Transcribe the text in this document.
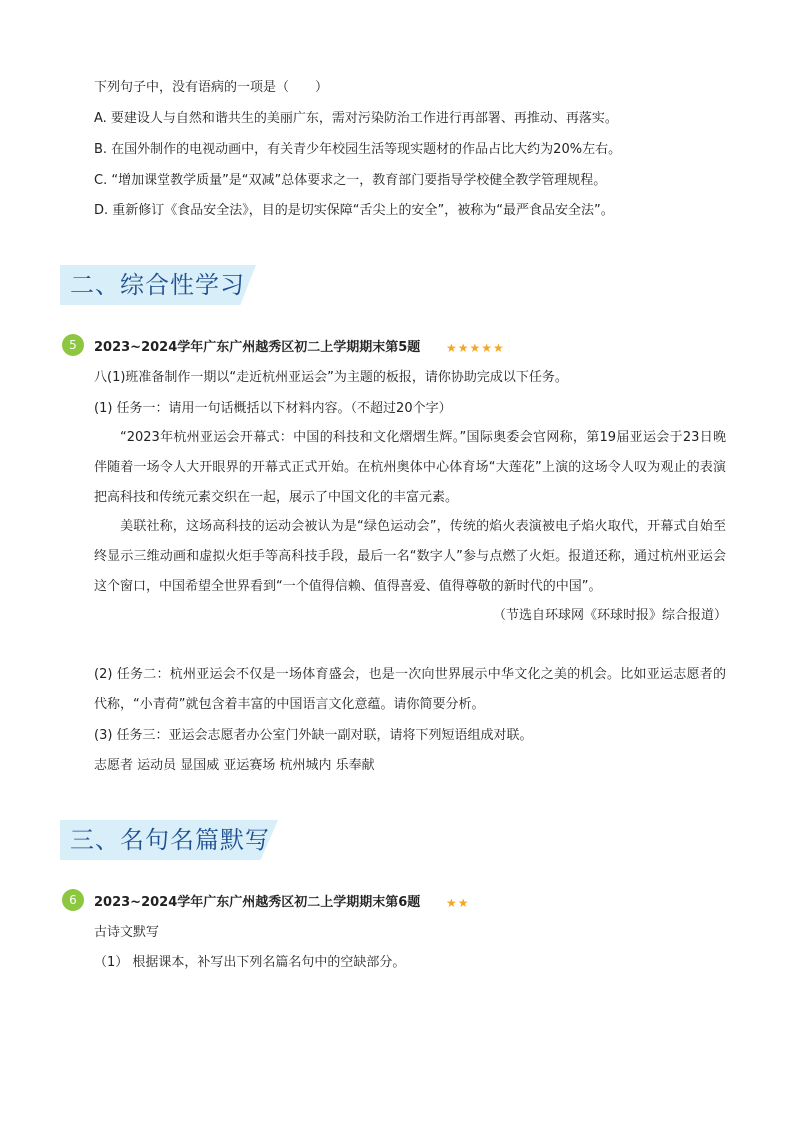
下列句子中，没有语病的一项是（　　）
A. 要建设人与自然和谐共生的美丽广东，需对污染防治工作进行再部署、再推动、再落实。
B. 在国外制作的电视动画中，有关青少年校园生活等现实题材的作品占比大约为20%左右。
C. “增加课堂教学质量”是“双减”总体要求之一，教育部门要指导学校健全教学管理规程。
D. 重新修订《食品安全法》，目的是切实保障“舌尖上的安全”，被称为“最严食品安全法”。
二、综合性学习
5	2023~2024学年广东广州越秀区初二上学期期末第5题 ★★★★★
八(1)班准备制作一期以“走近杭州亚运会”为主题的板报，请你协助完成以下任务。
(1) 任务一：请用一句话概括以下材料内容。（不超过20个字）
“2023年杭州亚运会开幕式：中国的科技和文化熠熠生辉。”国际奥委会官网称，第19届亚运会于23日晚伴随着一场令人大开眼界的开幕式正式开始。在杭州奥体中心体育场“大莲花”上演的这场令人叹为观止的表演把高科技和传统元素交织在一起，展示了中国文化的丰富元素。
美联社称，这场高科技的运动会被认为是“绿色运动会”，传统的焰火表演被电子焰火取代，开幕式自始至终显示三维动画和虚拟火炬手等高科技手段，最后一名“数字人”参与点燃了火炬。报道还称，通过杭州亚运会这个窗口，中国希望全世界看到“一个值得信赖、值得喜爱、值得尊敬的新时代的中国”。
（节选自环球网《环球时报》综合报道）
(2) 任务二：杭州亚运会不仅是一场体育盛会，也是一次向世界展示中华文化之美的机会。比如亚运志愿者的代称，“小青荷”就包含着丰富的中国语言文化意蕴。请你简要分析。
(3) 任务三：亚运会志愿者办公室门外缺一副对联，请将下列短语组成对联。
志愿者 运动员 显国威 亚运赛场 杭州城内 乐奉献
三、名句名篇默写
6	2023~2024学年广东广州越秀区初二上学期期末第6题 ★★
古诗文默写
（1） 根据课本，补写出下列名篇名句中的空缺部分。
